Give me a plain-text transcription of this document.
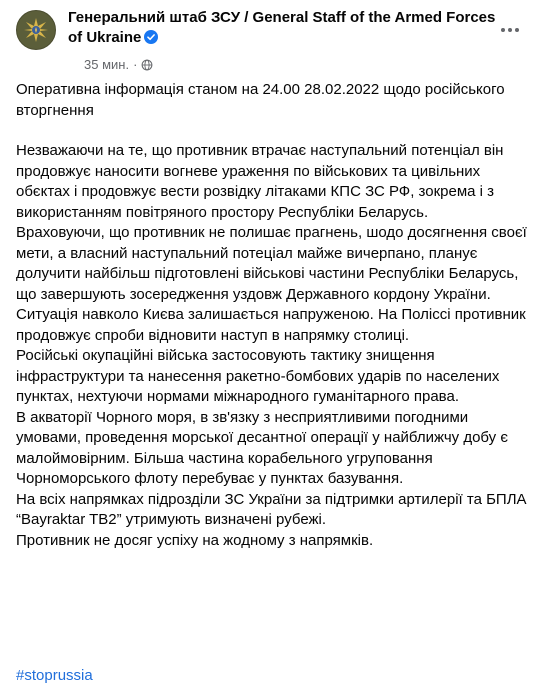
Генеральний штаб ЗСУ / General Staff of the Armed Forces of Ukraine
35 мин. ·
Оперативна інформація станом на 24.00 28.02.2022 щодо російського вторгнення
Незважаючи на те, що противник втрачає наступальний потенціал він продовжує наносити вогневе ураження по військових та цивільних обєктах і продовжує вести розвідку літаками КПС ЗС РФ, зокрема і з використанням повітряного простору Республіки Беларусь.
Враховуючи, що противник не полишає прагнень, шодо досягнення своєї мети, а власний наступальний потеціал майже вичерпано, планує долучити найбільш підготовлені військові частини Республіки Беларусь, що завершують зосередження уздовж Державного кордону України.
Ситуація навколо Києва залишається напруженою. На Поліссі противник продовжує спроби відновити наступ в напрямку столиці.
Російські окупаційні війська застосовують тактику знищення інфраструктури та нанесення ракетно-бомбових ударів по населених пунктах, нехтуючи нормами міжнародного гуманітарного права.
В акваторії Чорного моря, в зв'язку з несприятливими погодними умовами, проведення морської десантної операції у найближчу добу є малоймовірним. Більша частина корабельного угруповання Чорноморського флоту перебуває у пунктах базування.
На всіх напрямках підрозділи ЗС України за підтримки артилерії та БПЛА “Bayraktar TB2” утримують визначені рубежі.
Противник не досяг успіху на жодному з напрямків.
#stoprussia
